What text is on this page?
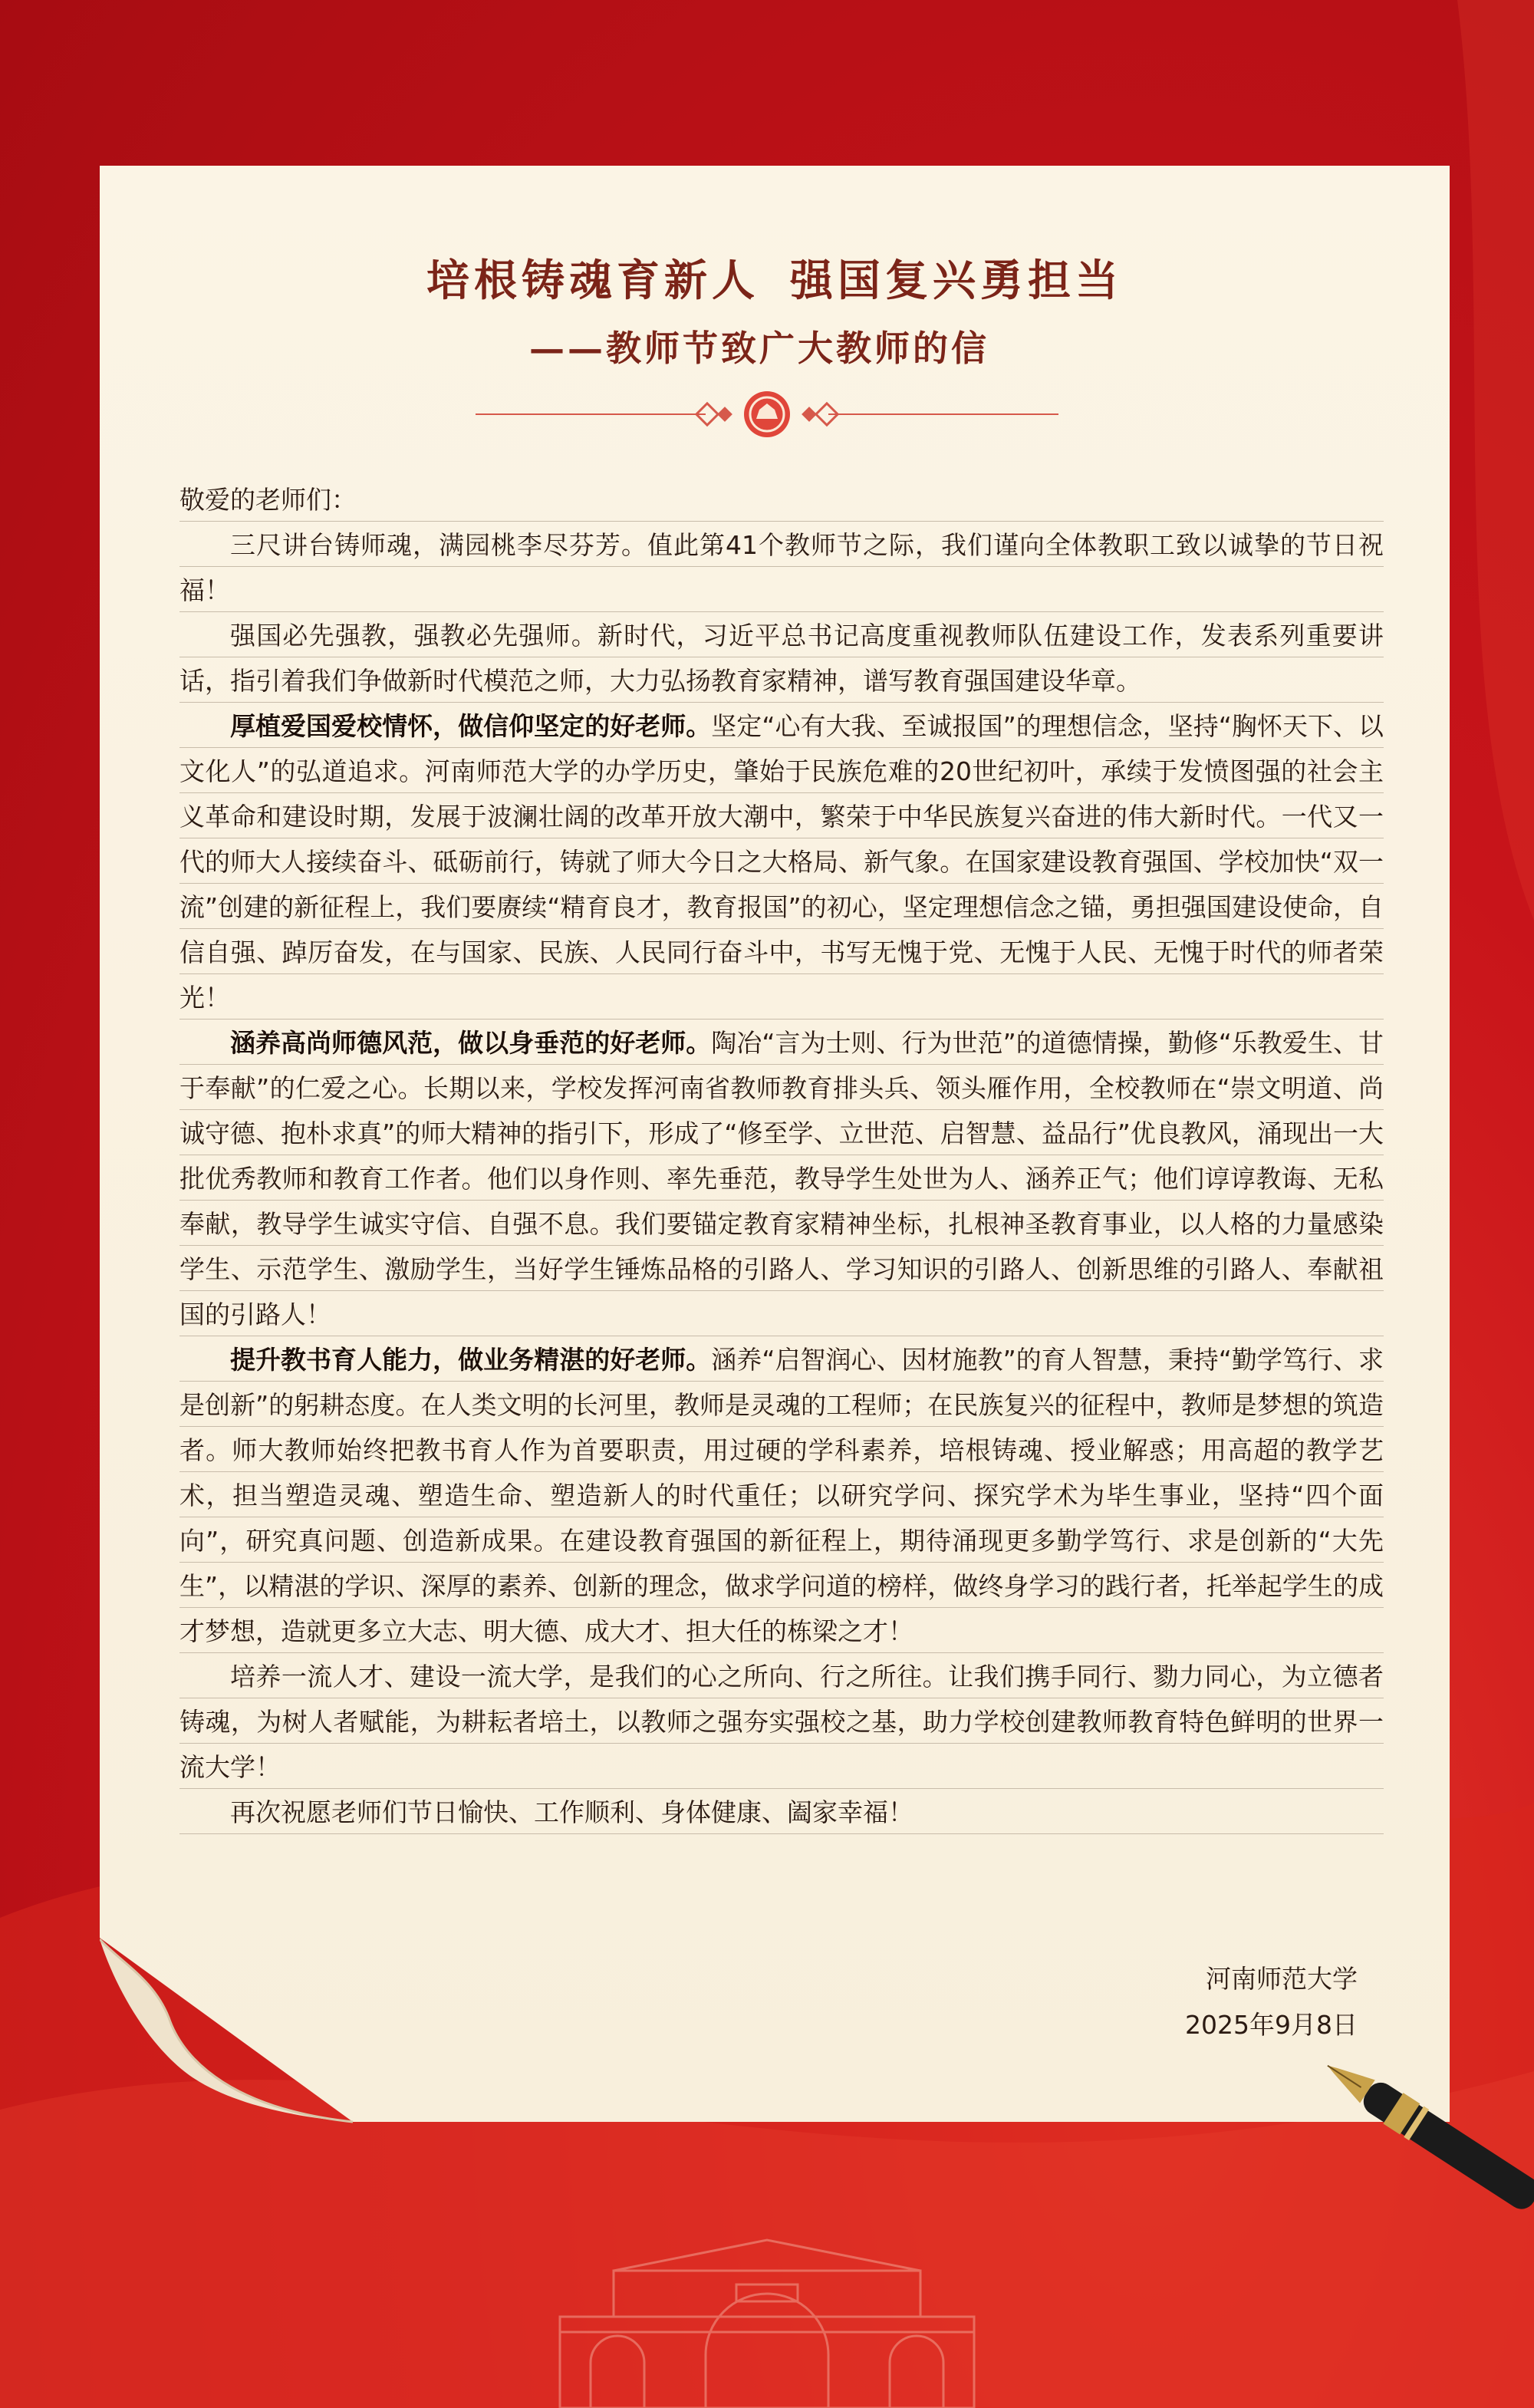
培根铸魂育新人 强国复兴勇担当
——教师节致广大教师的信

敬爱的老师们：

三尺讲台铸师魂，满园桃李尽芬芳。值此第41个教师节之际，我们谨向全体教职工致以诚挚的节日祝福！

强国必先强教，强教必先强师。新时代，习近平总书记高度重视教师队伍建设工作，发表系列重要讲话，指引着我们争做新时代模范之师，大力弘扬教育家精神，谱写教育强国建设华章。

厚植爱国爱校情怀，做信仰坚定的好老师。坚定“心有大我、至诚报国”的理想信念，坚持“胸怀天下、以文化人”的弘道追求。河南师范大学的办学历史，肇始于民族危难的20世纪初叶，承续于发愤图强的社会主义革命和建设时期，发展于波澜壮阔的改革开放大潮中，繁荣于中华民族复兴奋进的伟大新时代。一代又一代的师大人接续奋斗、砥砺前行，铸就了师大今日之大格局、新气象。在国家建设教育强国、学校加快“双一流”创建的新征程上，我们要赓续“精育良才，教育报国”的初心，坚定理想信念之锚，勇担强国建设使命，自信自强、踔厉奋发，在与国家、民族、人民同行奋斗中，书写无愧于党、无愧于人民、无愧于时代的师者荣光！

涵养高尚师德风范，做以身垂范的好老师。陶冶“言为士则、行为世范”的道德情操，勤修“乐教爱生、甘于奉献”的仁爱之心。长期以来，学校发挥河南省教师教育排头兵、领头雁作用，全校教师在“崇文明道、尚诚守德、抱朴求真”的师大精神的指引下，形成了“修至学、立世范、启智慧、益品行”优良教风，涌现出一大批优秀教师和教育工作者。他们以身作则、率先垂范，教导学生处世为人、涵养正气；他们谆谆教诲、无私奉献，教导学生诚实守信、自强不息。我们要锚定教育家精神坐标，扎根神圣教育事业，以人格的力量感染学生、示范学生、激励学生，当好学生锤炼品格的引路人、学习知识的引路人、创新思维的引路人、奉献祖国的引路人！

提升教书育人能力，做业务精湛的好老师。涵养“启智润心、因材施教”的育人智慧，秉持“勤学笃行、求是创新”的躬耕态度。在人类文明的长河里，教师是灵魂的工程师；在民族复兴的征程中，教师是梦想的筑造者。师大教师始终把教书育人作为首要职责，用过硬的学科素养，培根铸魂、授业解惑；用高超的教学艺术，担当塑造灵魂、塑造生命、塑造新人的时代重任；以研究学问、探究学术为毕生事业，坚持“四个面向”，研究真问题、创造新成果。在建设教育强国的新征程上，期待涌现更多勤学笃行、求是创新的“大先生”，以精湛的学识、深厚的素养、创新的理念，做求学问道的榜样，做终身学习的践行者，托举起学生的成才梦想，造就更多立大志、明大德、成大才、担大任的栋梁之才！

培养一流人才、建设一流大学，是我们的心之所向、行之所往。让我们携手同行、勠力同心，为立德者铸魂，为树人者赋能，为耕耘者培土，以教师之强夯实强校之基，助力学校创建教师教育特色鲜明的世界一流大学！

再次祝愿老师们节日愉快、工作顺利、身体健康、阖家幸福！

河南师范大学
2025年9月8日
